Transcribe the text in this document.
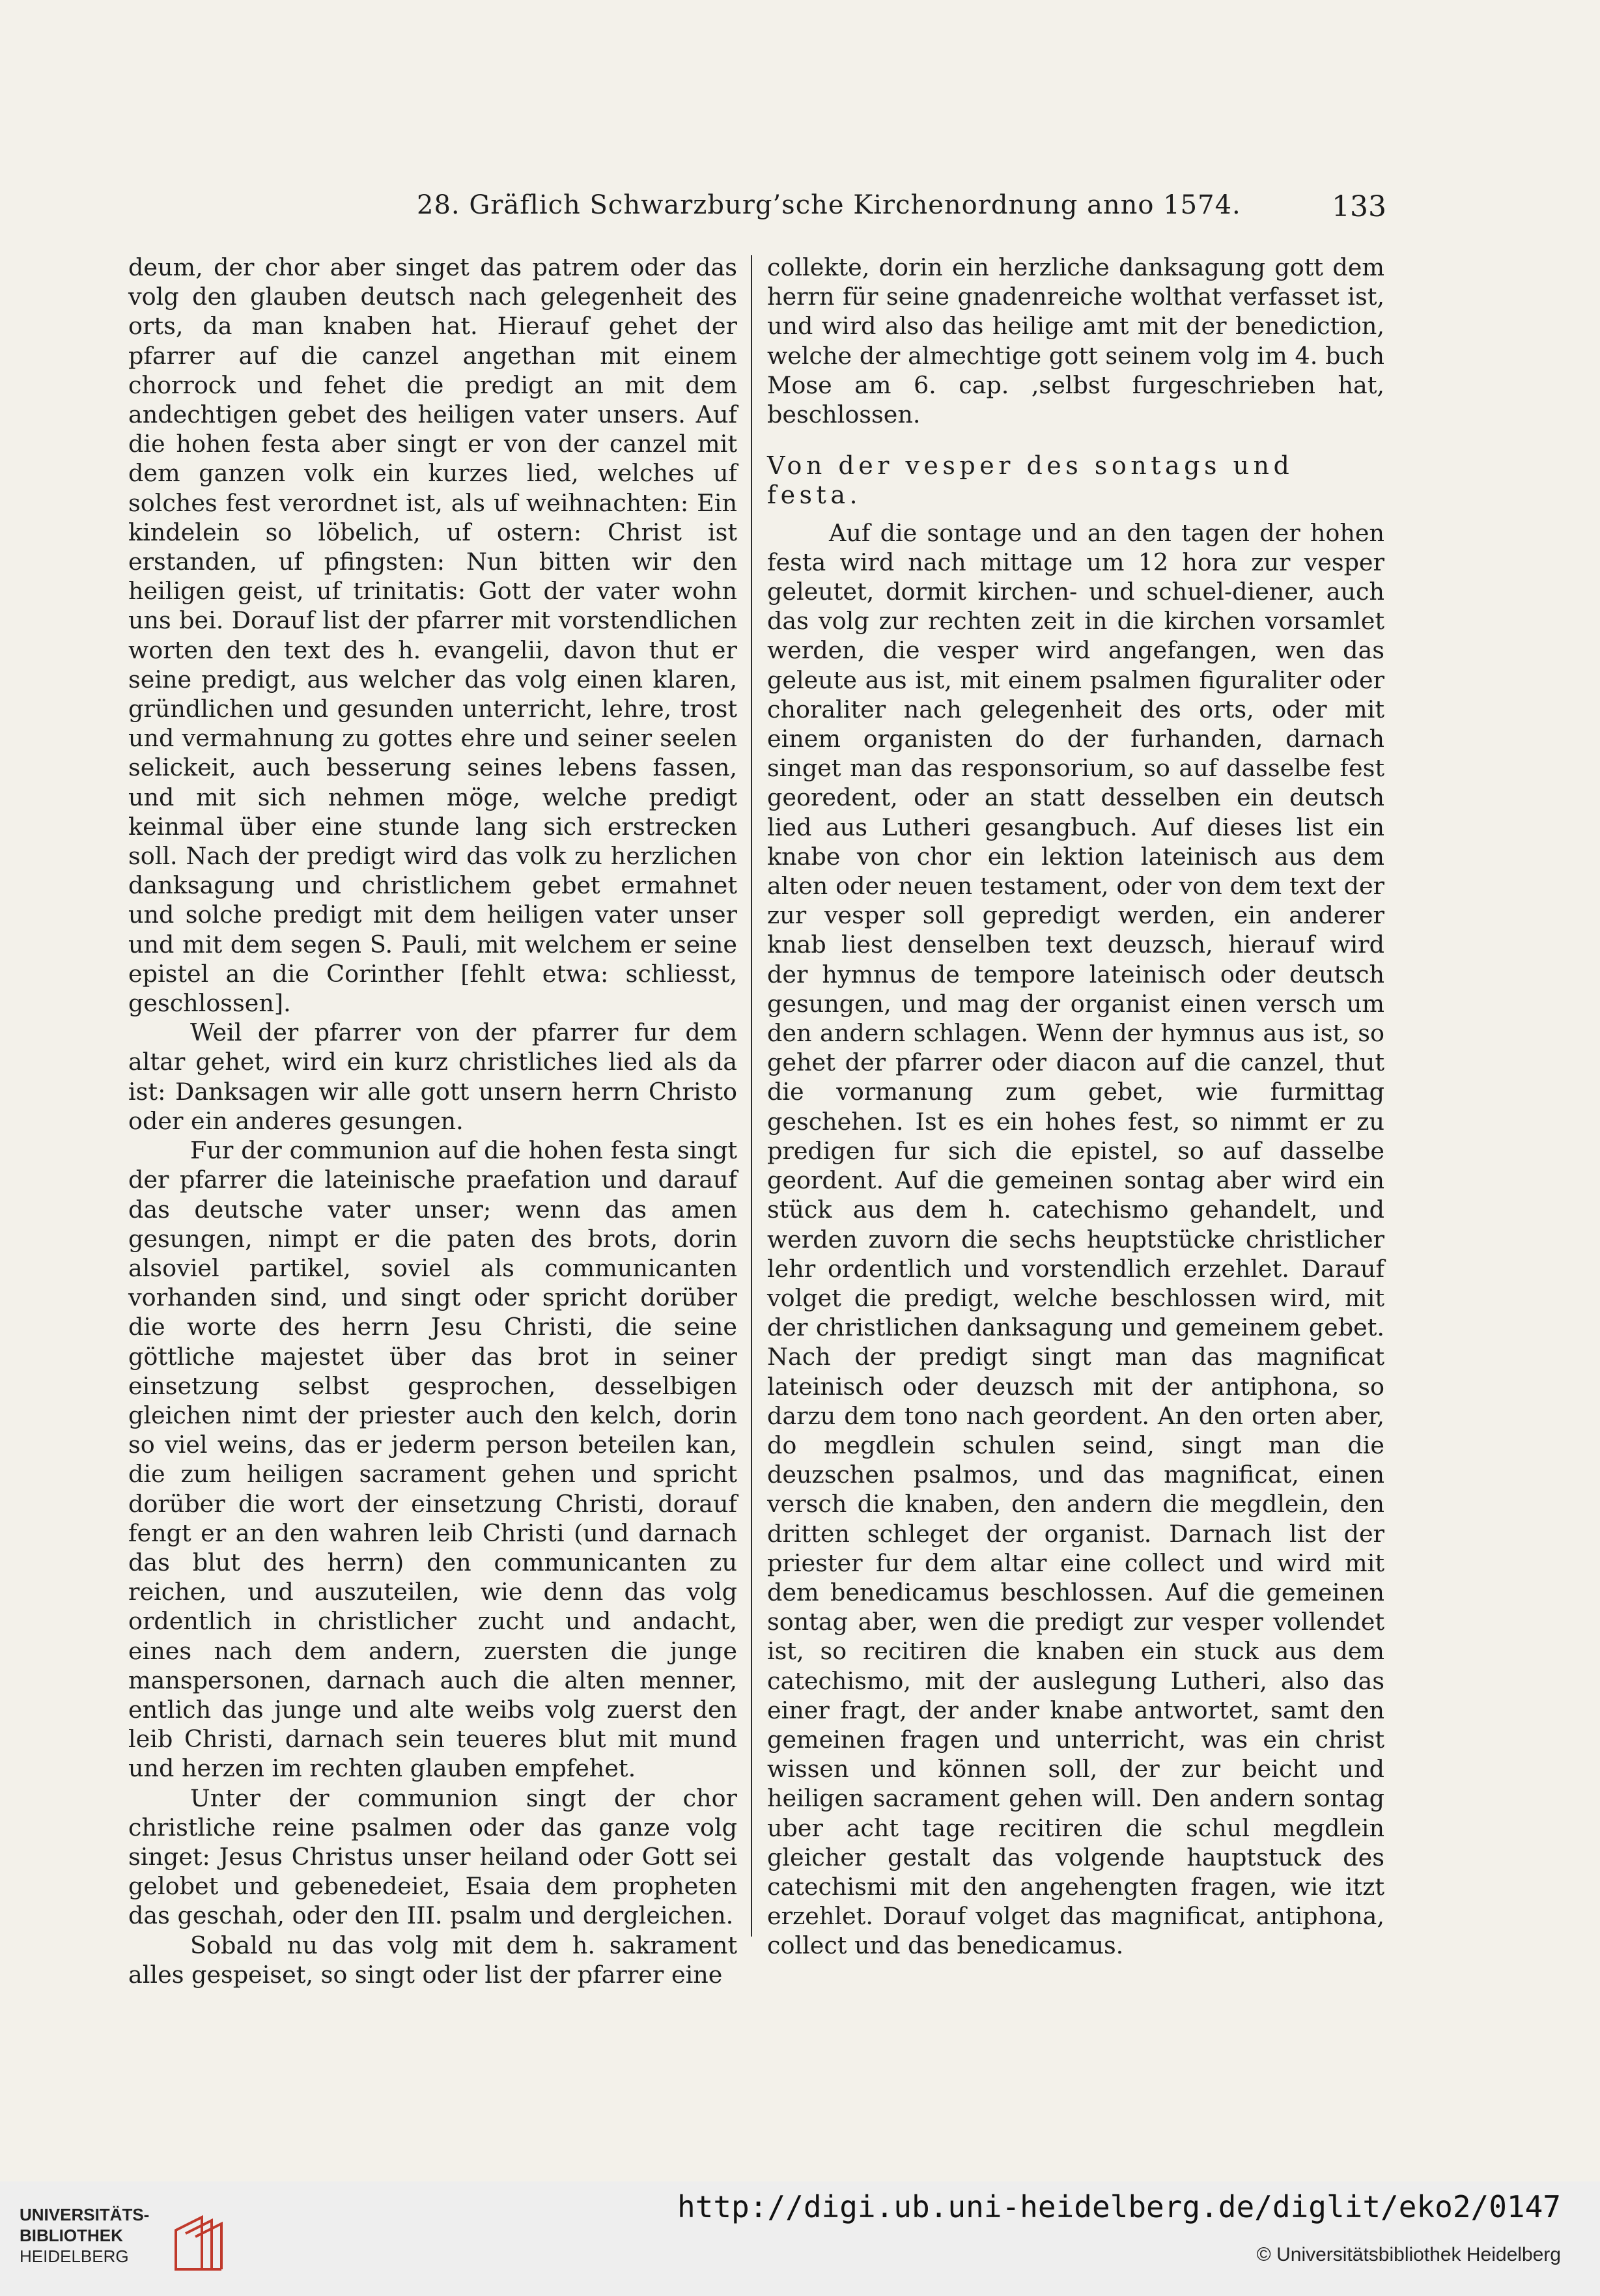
28. Gräflich Schwarzburg’sche Kirchenordnung anno 1574.	133

deum, der chor aber singet das patrem oder das volg den glauben deutsch nach gelegenheit des orts, da man knaben hat. Hierauf gehet der pfarrer auf die canzel angethan mit einem chorrock und fehet die predigt an mit dem andechtigen gebet des heiligen vater unsers. Auf die hohen festa aber singt er von der canzel mit dem ganzen volk ein kurzes lied, welches uf solches fest verordnet ist, als uf weihnachten: Ein kindelein so löbelich, uf ostern: Christ ist erstanden, uf pfingsten: Nun bitten wir den heiligen geist, uf trinitatis: Gott der vater wohn uns bei. Dorauf list der pfarrer mit vorstendlichen worten den text des h. evangelii, davon thut er seine predigt, aus welcher das volg einen klaren, gründlichen und gesunden unterricht, lehre, trost und vermahnung zu gottes ehre und seiner seelen selickeit, auch besserung seines lebens fassen, und mit sich nehmen möge, welche predigt keinmal über eine stunde lang sich erstrecken soll. Nach der predigt wird das volk zu herzlichen danksagung und christlichem gebet ermahnet und solche predigt mit dem heiligen vater unser und mit dem segen S. Pauli, mit welchem er seine epistel an die Corinther [fehlt etwa: schliesst, geschlossen].

Weil der pfarrer von der pfarrer fur dem altar gehet, wird ein kurz christliches lied als da ist: Danksagen wir alle gott unsern herrn Christo oder ein anderes gesungen.

Fur der communion auf die hohen festa singt der pfarrer die lateinische praefation und darauf das deutsche vater unser; wenn das amen gesungen, nimpt er die paten des brots, dorin alsoviel partikel, soviel als communicanten vorhanden sind, und singt oder spricht dorüber die worte des herrn Jesu Christi, die seine göttliche majestet über das brot in seiner einsetzung selbst gesprochen, desselbigen gleichen nimt der priester auch den kelch, dorin so viel weins, das er jederm person beteilen kan, die zum heiligen sacrament gehen und spricht dorüber die wort der einsetzung Christi, dorauf fengt er an den wahren leib Christi (und darnach das blut des herrn) den communicanten zu reichen, und auszuteilen, wie denn das volg ordentlich in christlicher zucht und andacht, eines nach dem andern, zuersten die junge manspersonen, darnach auch die alten menner, entlich das junge und alte weibs volg zuerst den leib Christi, darnach sein teueres blut mit mund und herzen im rechten glauben empfehet.

Unter der communion singt der chor christliche reine psalmen oder das ganze volg singet: Jesus Christus unser heiland oder Gott sei gelobet und gebenedeiet, Esaia dem propheten das geschah, oder den III. psalm und dergleichen.

Sobald nu das volg mit dem h. sakrament alles gespeiset, so singt oder list der pfarrer eine

collekte, dorin ein herzliche danksagung gott dem herrn für seine gnadenreiche wolthat verfasset ist, und wird also das heilige amt mit der benediction, welche der almechtige gott seinem volg im 4. buch Mose am 6. cap. ,selbst furgeschrieben hat, beschlossen.

Von der vesper des sontags und festa.

Auf die sontage und an den tagen der hohen festa wird nach mittage um 12 hora zur vesper geleutet, dormit kirchen- und schuel-diener, auch das volg zur rechten zeit in die kirchen vorsamlet werden, die vesper wird angefangen, wen das geleute aus ist, mit einem psalmen figuraliter oder choraliter nach gelegenheit des orts, oder mit einem organisten do der furhanden, darnach singet man das responsorium, so auf dasselbe fest georedent, oder an statt desselben ein deutsch lied aus Lutheri gesangbuch. Auf dieses list ein knabe von chor ein lektion lateinisch aus dem alten oder neuen testament, oder von dem text der zur vesper soll gepredigt werden, ein anderer knab liest denselben text deuzsch, hierauf wird der hymnus de tempore lateinisch oder deutsch gesungen, und mag der organist einen versch um den andern schlagen. Wenn der hymnus aus ist, so gehet der pfarrer oder diacon auf die canzel, thut die vormanung zum gebet, wie furmittag geschehen. Ist es ein hohes fest, so nimmt er zu predigen fur sich die epistel, so auf dasselbe geordent. Auf die gemeinen sontag aber wird ein stück aus dem h. catechismo gehandelt, und werden zuvorn die sechs heuptstücke christlicher lehr ordentlich und vorstendlich erzehlet. Darauf volget die predigt, welche beschlossen wird, mit der christlichen danksagung und gemeinem gebet. Nach der predigt singt man das magnificat lateinisch oder deuzsch mit der antiphona, so darzu dem tono nach geordent. An den orten aber, do megdlein schulen seind, singt man die deuzschen psalmos, und das magnificat, einen versch die knaben, den andern die megdlein, den dritten schleget der organist. Darnach list der priester fur dem altar eine collect und wird mit dem benedicamus beschlossen. Auf die gemeinen sontag aber, wen die predigt zur vesper vollendet ist, so recitiren die knaben ein stuck aus dem catechismo, mit der auslegung Lutheri, also das einer fragt, der ander knabe antwortet, samt den gemeinen fragen und unterricht, was ein christ wissen und können soll, der zur beicht und heiligen sacrament gehen will. Den andern sontag uber acht tage recitiren die schul megdlein gleicher gestalt das volgende hauptstuck des catechismi mit den angehengten fragen, wie itzt erzehlet. Dorauf volget das magnificat, antiphona, collect und das benedicamus.

UNIVERSITÄTS-
BIBLIOTHEK
HEIDELBERG
http://digi.ub.uni-heidelberg.de/diglit/eko2/0147
© Universitätsbibliothek Heidelberg
